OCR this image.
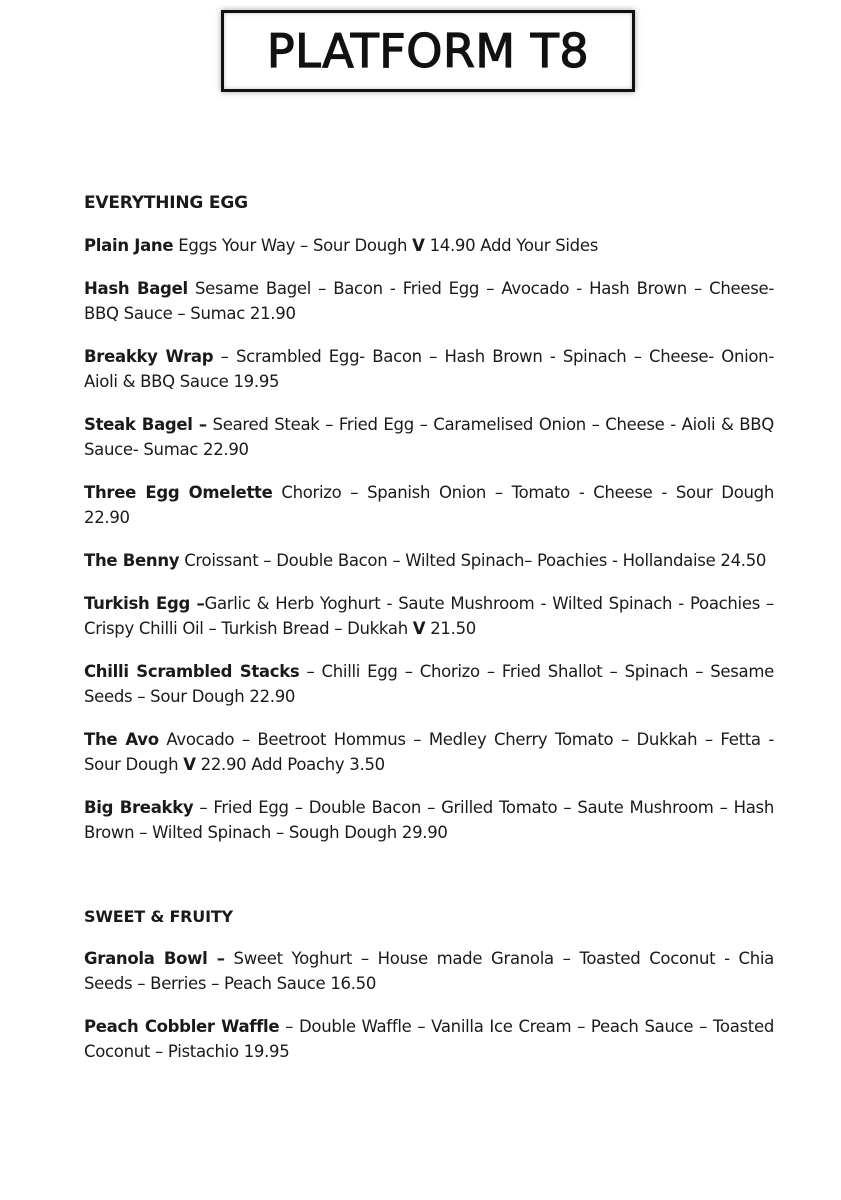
PLATFORM T8
EVERYTHING EGG

Plain Jane Eggs Your Way – Sour Dough V 14.90 Add Your Sides

Hash Bagel Sesame Bagel – Bacon - Fried Egg – Avocado - Hash Brown – Cheese- BBQ Sauce – Sumac 21.90

Breakky Wrap – Scrambled Egg- Bacon – Hash Brown - Spinach – Cheese- Onion- Aioli & BBQ Sauce 19.95

Steak Bagel – Seared Steak – Fried Egg – Caramelised Onion – Cheese - Aioli & BBQ Sauce- Sumac 22.90

Three Egg Omelette Chorizo – Spanish Onion – Tomato - Cheese - Sour Dough 22.90

The Benny Croissant – Double Bacon – Wilted Spinach– Poachies - Hollandaise 24.50

Turkish Egg –Garlic & Herb Yoghurt - Saute Mushroom - Wilted Spinach - Poachies – Crispy Chilli Oil – Turkish Bread – Dukkah V 21.50

Chilli Scrambled Stacks – Chilli Egg – Chorizo – Fried Shallot – Spinach – Sesame Seeds – Sour Dough 22.90

The Avo Avocado – Beetroot Hommus – Medley Cherry Tomato – Dukkah – Fetta - Sour Dough V 22.90 Add Poachy 3.50

Big Breakky – Fried Egg – Double Bacon – Grilled Tomato – Saute Mushroom – Hash Brown – Wilted Spinach – Sough Dough 29.90

SWEET & FRUITY

Granola Bowl – Sweet Yoghurt – House made Granola – Toasted Coconut - Chia Seeds – Berries – Peach Sauce 16.50

Peach Cobbler Waffle – Double Waffle – Vanilla Ice Cream – Peach Sauce – Toasted Coconut – Pistachio 19.95
